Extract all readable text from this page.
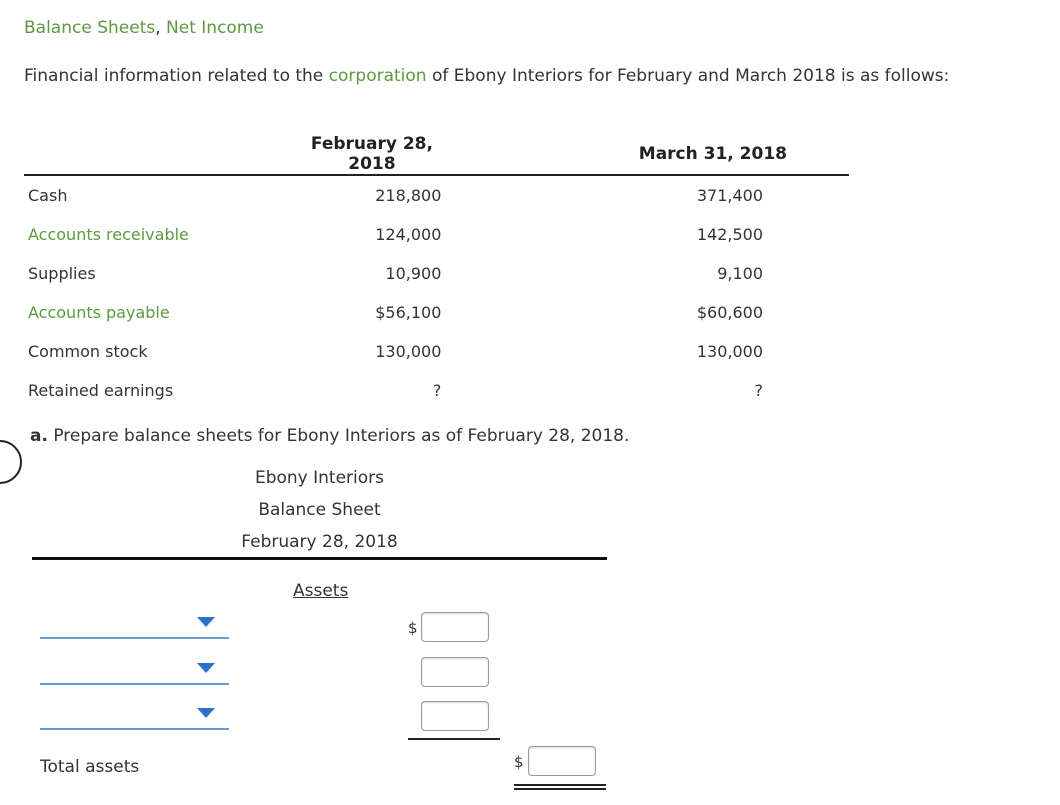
Balance Sheets, Net Income
Financial information related to the corporation of Ebony Interiors for February and March 2018 is as follows:
	February 28, 2018	March 31, 2018
Cash	218,800	371,400
Accounts receivable	124,000	142,500
Supplies	10,900	9,100
Accounts payable	$56,100	$60,600
Common stock	130,000	130,000
Retained earnings	?	?
a. Prepare balance sheets for Ebony Interiors as of February 28, 2018.
Ebony Interiors
Balance Sheet
February 28, 2018
Assets
$
Total assets	$
